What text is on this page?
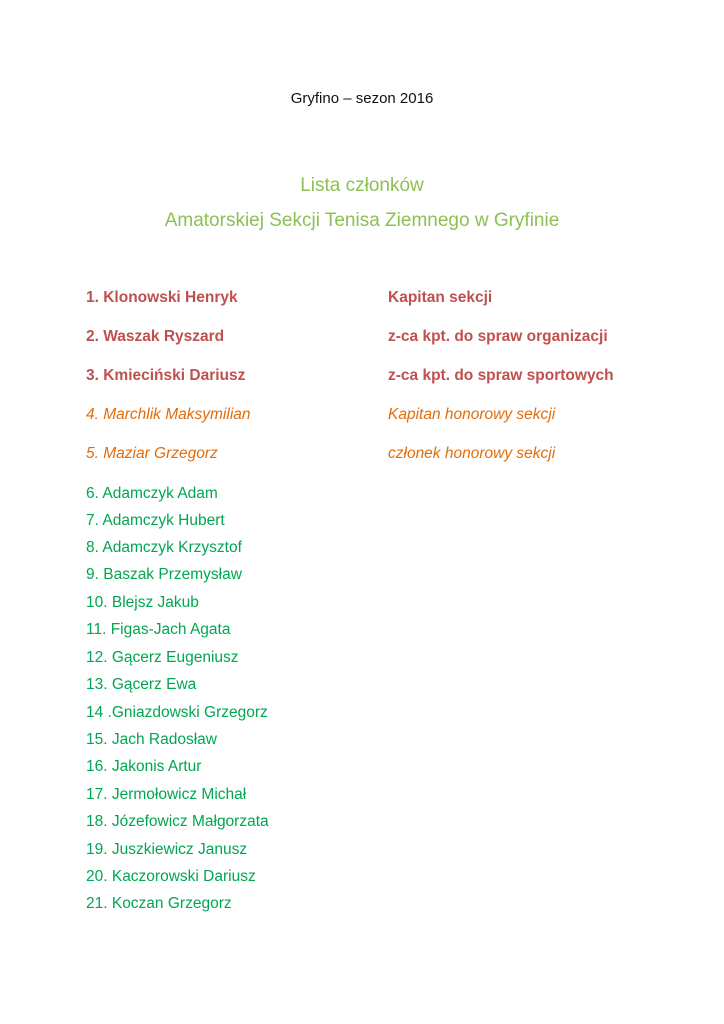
Gryfino – sezon 2016
Lista członków
Amatorskiej Sekcji Tenisa Ziemnego w Gryfinie
1. Klonowski Henryk	Kapitan sekcji
2. Waszak Ryszard	z-ca kpt. do spraw organizacji
3. Kmieciński Dariusz	z-ca kpt. do spraw sportowych
4. Marchlik Maksymilian	Kapitan honorowy sekcji
5. Maziar Grzegorz	członek honorowy sekcji
6. Adamczyk Adam
7. Adamczyk Hubert
8. Adamczyk Krzysztof
9. Baszak Przemysław
10. Blejsz Jakub
11. Figas-Jach Agata
12. Gącerz Eugeniusz
13. Gącerz Ewa
14 .Gniazdowski Grzegorz
15. Jach Radosław
16. Jakonis Artur
17. Jermołowicz Michał
18. Józefowicz Małgorzata
19. Juszkiewicz Janusz
20. Kaczorowski Dariusz
21. Koczan Grzegorz
